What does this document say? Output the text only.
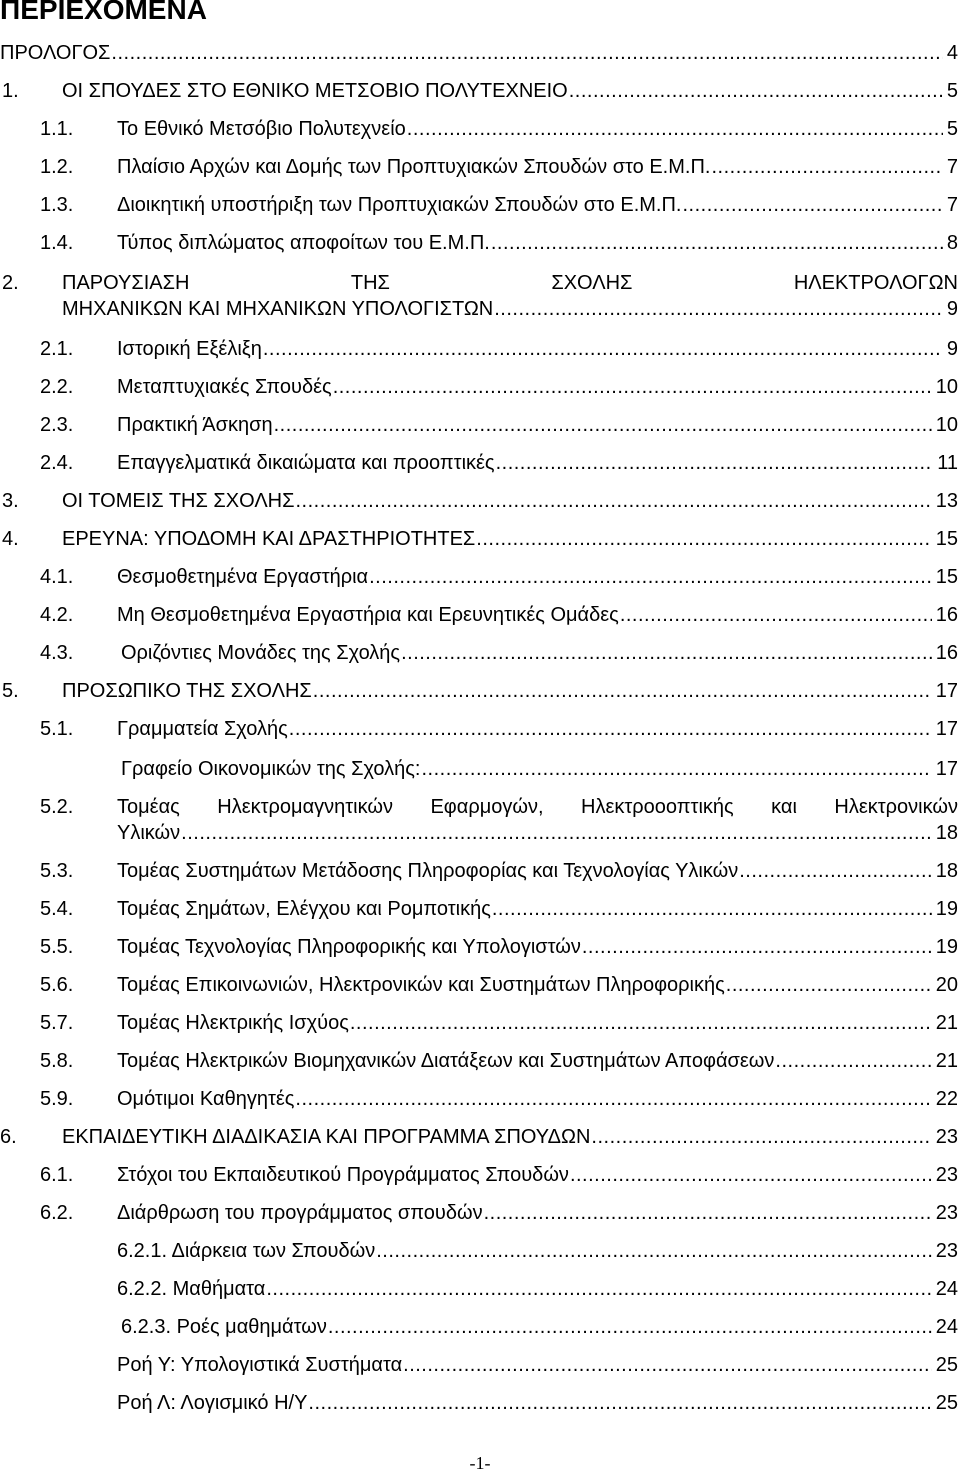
ΠΕΡΙΕΧΟΜΕΝΑ
ΠΡΟΛΟΓΟΣ .....	4
1. ΟΙ ΣΠΟΥΔΕΣ ΣΤΟ ΕΘΝΙΚΟ ΜΕΤΣΟΒΙΟ ΠΟΛΥΤΕΧΝΕΙΟ .....	5
1.1. Το Εθνικό Μετσόβιο Πολυτεχνείο .....	5
1.2. Πλαίσιο Αρχών και Δομής των Προπτυχιακών Σπουδών στο Ε.Μ.Π. .....	7
1.3. Διοικητική υποστήριξη των Προπτυχιακών Σπουδών στο Ε.Μ.Π. .....	7
1.4. Τύπος διπλώματος αποφοίτων του Ε.Μ.Π. .....	8
2. ΠΑΡΟΥΣΙΑΣΗ	ΤΗΣ	ΣΧΟΛΗΣ	ΗΛΕΚΤΡΟΛΟΓΩΝ
ΜΗΧΑΝΙΚΩΝ ΚΑΙ ΜΗΧΑΝΙΚΩΝ ΥΠΟΛΟΓΙΣΤΩΝ .....	9
2.1. Ιστορική Εξέλιξη .....	9
2.2. Μεταπτυχιακές Σπουδές .....	10
2.3. Πρακτική Άσκηση .....	10
2.4. Επαγγελματικά δικαιώματα και προοπτικές .....	11
3. ΟΙ ΤΟΜΕΙΣ ΤΗΣ ΣΧΟΛΗΣ .....	13
4. ΕΡΕΥΝΑ: ΥΠΟΔΟΜΗ ΚΑΙ ΔΡΑΣΤΗΡΙΟΤΗΤΕΣ .....	15
4.1. Θεσμοθετημένα Εργαστήρια .....	15
4.2. Μη Θεσμοθετημένα Εργαστήρια και Ερευνητικές Ομάδες .....	16
4.3. Οριζόντιες Μονάδες της Σχολής .....	16
5. ΠΡΟΣΩΠΙΚΟ ΤΗΣ ΣΧΟΛΗΣ .....	17
5.1. Γραμματεία Σχολής .....	17
Γραφείο Οικονομικών της Σχολής: .....	17
5.2. Τομέας Ηλεκτρομαγνητικών Εφαρμογών, Ηλεκτροοοπτικής και Ηλεκτρονικών
Υλικών .....	18
5.3. Τομέας Συστημάτων Μετάδοσης Πληροφορίας και Τεχνολογίας Υλικών .....	18
5.4. Τομέας Σημάτων, Ελέγχου και Ρομποτικής .....	19
5.5. Τομέας Τεχνολογίας Πληροφορικής και Υπολογιστών .....	19
5.6. Τομέας Επικοινωνιών, Ηλεκτρονικών και Συστημάτων Πληροφορικής .....	20
5.7. Τομέας Ηλεκτρικής Ισχύος .....	21
5.8. Τομέας Ηλεκτρικών Βιομηχανικών Διατάξεων και Συστημάτων Αποφάσεων .....	21
5.9. Ομότιμοι Καθηγητές .....	22
6. ΕΚΠΑΙΔΕΥΤΙΚΗ ΔΙΑΔΙΚΑΣΙΑ ΚΑΙ ΠΡΟΓΡΑΜΜΑ ΣΠΟΥΔΩΝ .....	23
6.1. Στόχοι του Εκπαιδευτικού Προγράμματος Σπουδών .....	23
6.2. Διάρθρωση του προγράμματος σπουδών .....	23
6.2.1. Διάρκεια των Σπουδών .....	23
6.2.2. Μαθήματα .....	24
6.2.3. Ροές μαθημάτων .....	24
Ροή Υ: Υπολογιστικά Συστήματα .....	25
Ροή Λ: Λογισμικό Η/Υ .....	25
-1-
